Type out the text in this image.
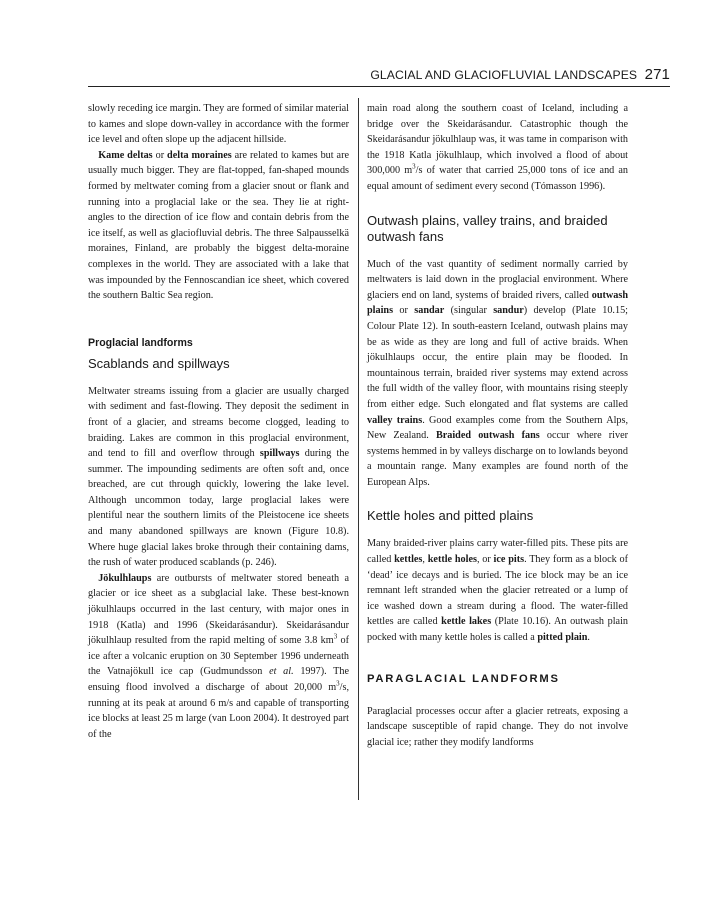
GLACIAL AND GLACIOFLUVIAL LANDSCAPES 271

slowly receding ice margin. They are formed of similar material to kames and slope down-valley in accordance with the former ice level and often slope up the adjacent hillside.

Kame deltas or delta moraines are related to kames but are usually much bigger. They are flat-topped, fan-shaped mounds formed by meltwater coming from a glacier snout or flank and running into a proglacial lake or the sea. They lie at right-angles to the direction of ice flow and contain debris from the ice itself, as well as glaciofluvial debris. The three Salpausselkä moraines, Finland, are probably the biggest delta-moraine complexes in the world. They are associated with a lake that was impounded by the Fennoscandian ice sheet, which covered the southern Baltic Sea region.

Proglacial landforms
Scablands and spillways

Meltwater streams issuing from a glacier are usually charged with sediment and fast-flowing. They deposit the sediment in front of a glacier, and streams become clogged, leading to braiding. Lakes are common in this proglacial environment, and tend to fill and overflow through spillways during the summer. The impounding sediments are often soft and, once breached, are cut through quickly, lowering the lake level. Although uncommon today, large proglacial lakes were plentiful near the southern limits of the Pleistocene ice sheets and many abandoned spillways are known (Figure 10.8). Where huge glacial lakes broke through their containing dams, the rush of water produced scablands (p. 246).

Jökulhlaups are outbursts of meltwater stored beneath a glacier or ice sheet as a subglacial lake. These best-known jökulhlaups occurred in the last century, with major ones in 1918 (Katla) and 1996 (Skeidarásandur). Skeidarásandur jökulhlaup resulted from the rapid melting of some 3.8 $km^3$ of ice after a volcanic eruption on 30 September 1996 underneath the Vatnajökull ice cap (Gudmundsson et al. 1997). The ensuing flood involved a discharge of about 20,000 $m^3/s$, running at its peak at around 6 m/s and capable of transporting ice blocks at least 25 m large (van Loon 2004). It destroyed part of the

main road along the southern coast of Iceland, including a bridge over the Skeidarásandur. Catastrophic though the Skeidarásandur jökulhlaup was, it was tame in comparison with the 1918 Katla jökulhlaup, which involved a flood of about 300,000 $m^3/s$ of water that carried 25,000 tons of ice and an equal amount of sediment every second (Tómasson 1996).

Outwash plains, valley trains, and braided outwash fans

Much of the vast quantity of sediment normally carried by meltwaters is laid down in the proglacial environment. Where glaciers end on land, systems of braided rivers, called outwash plains or sandar (singular sandur) develop (Plate 10.15; Colour Plate 12). In south-eastern Iceland, outwash plains may be as wide as they are long and full of active braids. When jökulhlaups occur, the entire plain may be flooded. In mountainous terrain, braided river systems may extend across the full width of the valley floor, with mountains rising steeply from either edge. Such elongated and flat systems are called valley trains. Good examples come from the Southern Alps, New Zealand. Braided outwash fans occur where river systems hemmed in by valleys discharge on to lowlands beyond a mountain range. Many examples are found north of the European Alps.

Kettle holes and pitted plains

Many braided-river plains carry water-filled pits. These pits are called kettles, kettle holes, or ice pits. They form as a block of ‘dead’ ice decays and is buried. The ice block may be an ice remnant left stranded when the glacier retreated or a lump of ice washed down a stream during a flood. The water-filled kettles are called kettle lakes (Plate 10.16). An outwash plain pocked with many kettle holes is called a pitted plain.

PARAGLACIAL LANDFORMS

Paraglacial processes occur after a glacier retreats, exposing a landscape susceptible of rapid change. They do not involve glacial ice; rather they modify landforms
